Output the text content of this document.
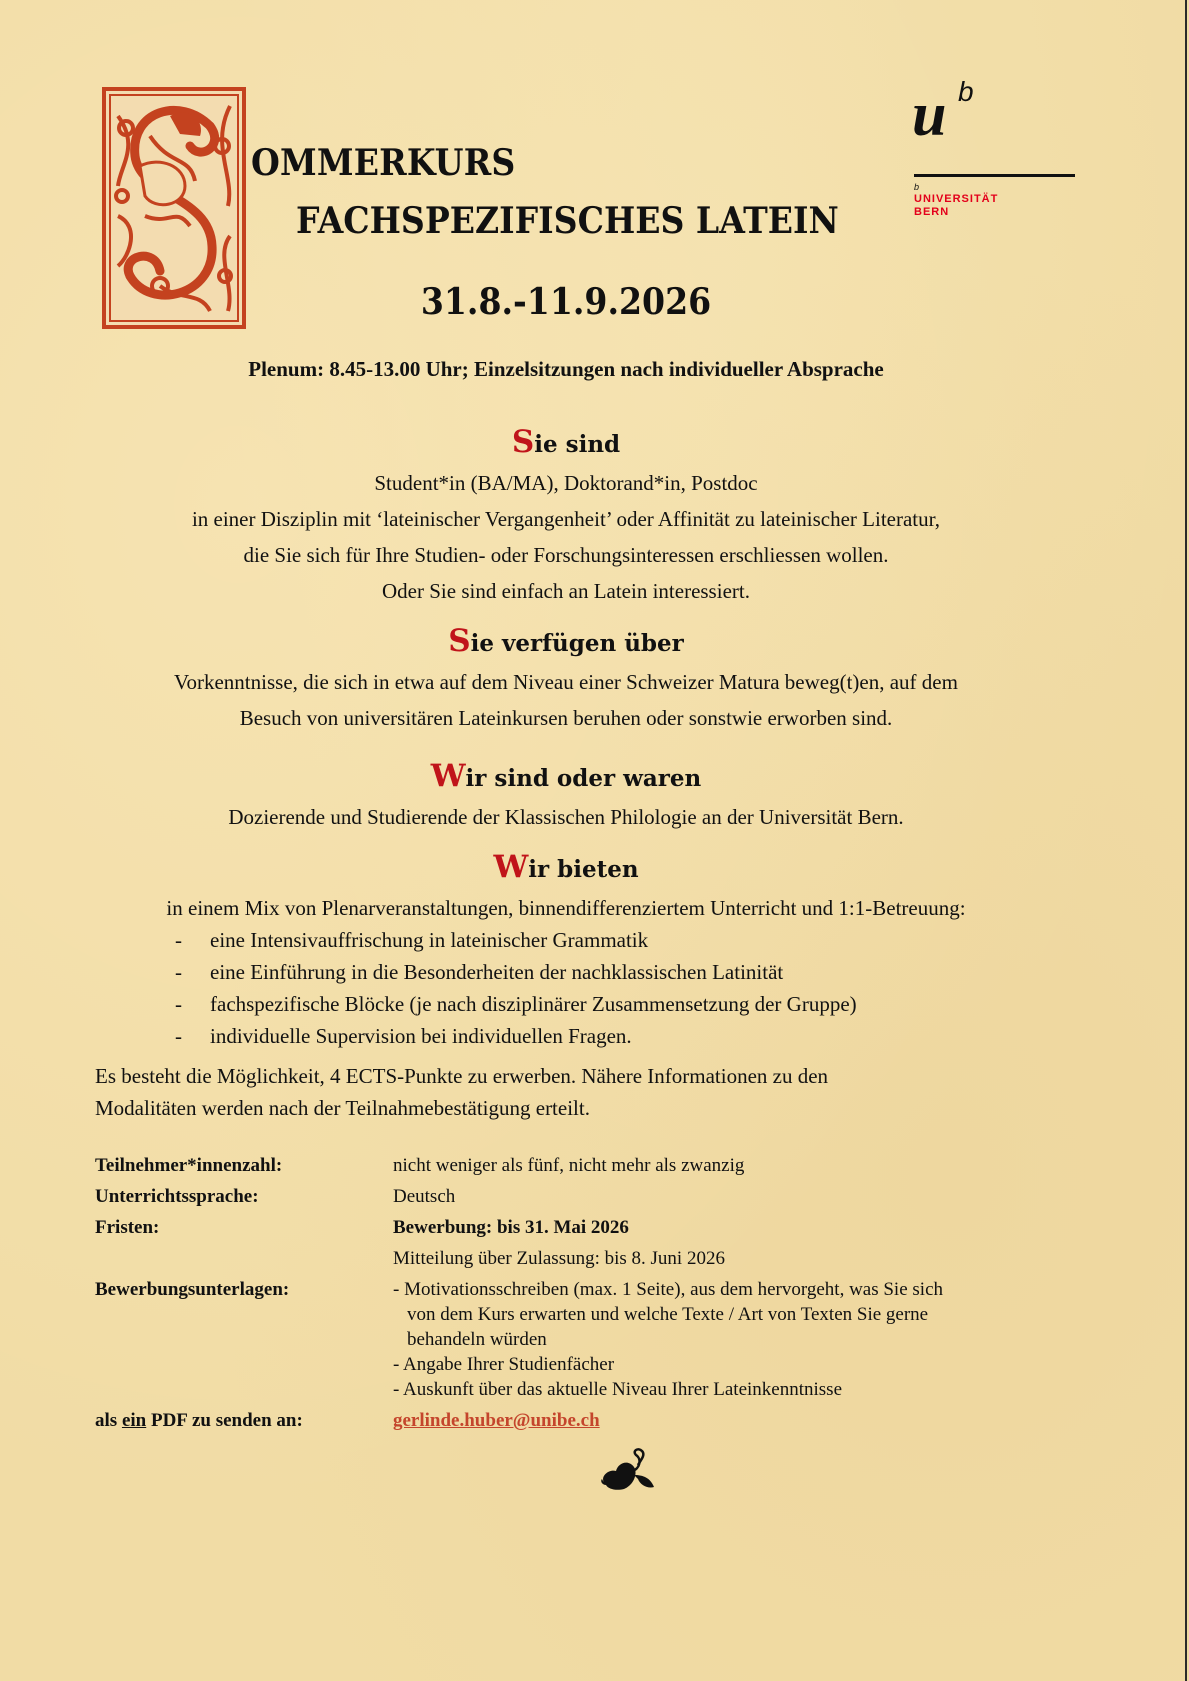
OMMERKURS
FACHSPEZIFISCHES LATEIN
31.8.-11.9.2026
u b
b
UNIVERSITÄT
BERN
Plenum: 8.45-13.00 Uhr; Einzelsitzungen nach individueller Absprache
Sie sind
Student*in (BA/MA), Doktorand*in, Postdoc
in einer Disziplin mit ‘lateinischer Vergangenheit’ oder Affinität zu lateinischer Literatur,
die Sie sich für Ihre Studien- oder Forschungsinteressen erschliessen wollen.
Oder Sie sind einfach an Latein interessiert.
Sie verfügen über
Vorkenntnisse, die sich in etwa auf dem Niveau einer Schweizer Matura beweg(t)en, auf dem
Besuch von universitären Lateinkursen beruhen oder sonstwie erworben sind.
Wir sind oder waren
Dozierende und Studierende der Klassischen Philologie an der Universität Bern.
Wir bieten
in einem Mix von Plenarveranstaltungen, binnendifferenziertem Unterricht und 1:1-Betreuung:
-	eine Intensivauffrischung in lateinischer Grammatik
-	eine Einführung in die Besonderheiten der nachklassischen Latinität
-	fachspezifische Blöcke (je nach disziplinärer Zusammensetzung der Gruppe)
-	individuelle Supervision bei individuellen Fragen.
Es besteht die Möglichkeit, 4 ECTS-Punkte zu erwerben. Nähere Informationen zu den
Modalitäten werden nach der Teilnahmebestätigung erteilt.
Teilnehmer*innenzahl:	nicht weniger als fünf, nicht mehr als zwanzig
Unterrichtssprache:	Deutsch
Fristen:	Bewerbung: bis 31. Mai 2026
Mitteilung über Zulassung: bis 8. Juni 2026
Bewerbungsunterlagen:	- Motivationsschreiben (max. 1 Seite), aus dem hervorgeht, was Sie sich
von dem Kurs erwarten und welche Texte / Art von Texten Sie gerne
behandeln würden
- Angabe Ihrer Studienfächer
- Auskunft über das aktuelle Niveau Ihrer Lateinkenntnisse
als ein PDF zu senden an:	gerlinde.huber@unibe.ch
